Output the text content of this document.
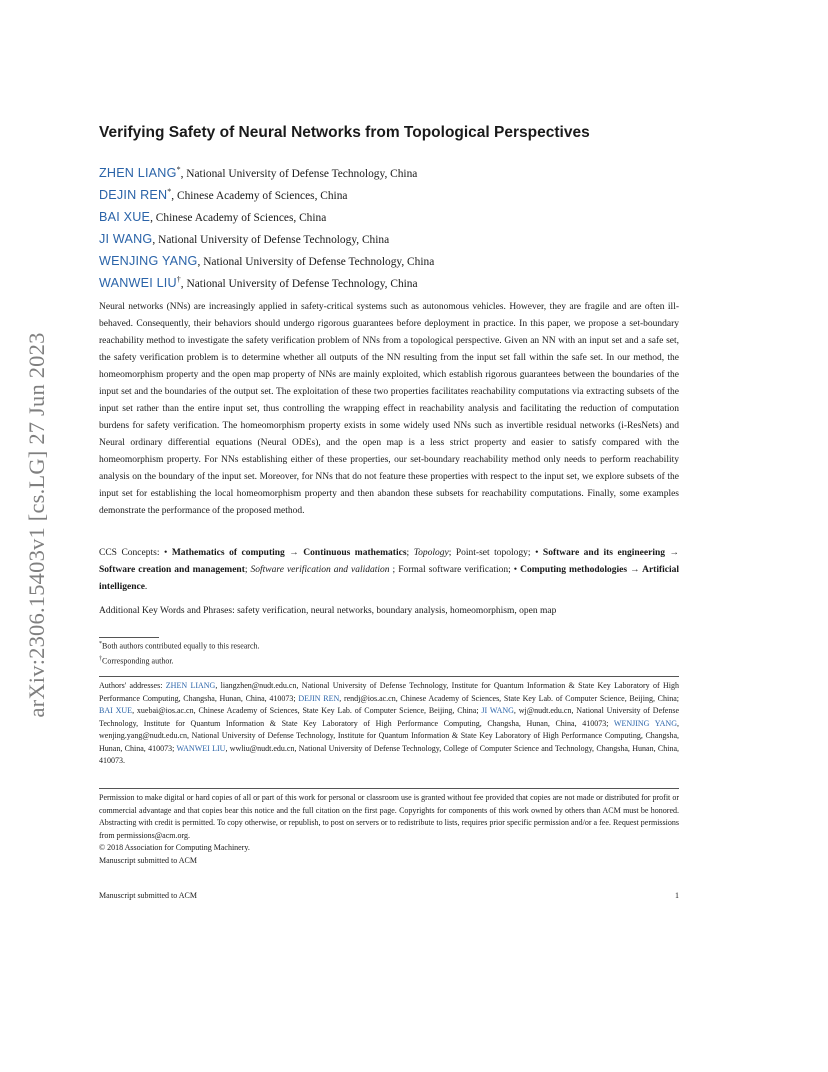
arXiv:2306.15403v1 [cs.LG] 27 Jun 2023
Verifying Safety of Neural Networks from Topological Perspectives
ZHEN LIANG*, National University of Defense Technology, China
DEJIN REN*, Chinese Academy of Sciences, China
BAI XUE, Chinese Academy of Sciences, China
JI WANG, National University of Defense Technology, China
WENJING YANG, National University of Defense Technology, China
WANWEI LIU†, National University of Defense Technology, China

Neural networks (NNs) are increasingly applied in safety-critical systems such as autonomous vehicles. However, they are fragile and are often ill-behaved. Consequently, their behaviors should undergo rigorous guarantees before deployment in practice. In this paper, we propose a set-boundary reachability method to investigate the safety verification problem of NNs from a topological perspective. Given an NN with an input set and a safe set, the safety verification problem is to determine whether all outputs of the NN resulting from the input set fall within the safe set. In our method, the homeomorphism property and the open map property of NNs are mainly exploited, which establish rigorous guarantees between the boundaries of the input set and the boundaries of the output set. The exploitation of these two properties facilitates reachability computations via extracting subsets of the input set rather than the entire input set, thus controlling the wrapping effect in reachability analysis and facilitating the reduction of computation burdens for safety verification. The homeomorphism property exists in some widely used NNs such as invertible residual networks (i-ResNets) and Neural ordinary differential equations (Neural ODEs), and the open map is a less strict property and easier to satisfy compared with the homeomorphism property. For NNs establishing either of these properties, our set-boundary reachability method only needs to perform reachability analysis on the boundary of the input set. Moreover, for NNs that do not feature these properties with respect to the input set, we explore subsets of the input set for establishing the local homeomorphism property and then abandon these subsets for reachability computations. Finally, some examples demonstrate the performance of the proposed method.

CCS Concepts: • Mathematics of computing → Continuous mathematics; Topology; Point-set topology; • Software and its engineering → Software creation and management; Software verification and validation ; Formal software verification; • Computing methodologies → Artificial intelligence.

Additional Key Words and Phrases: safety verification, neural networks, boundary analysis, homeomorphism, open map

*Both authors contributed equally to this research.
†Corresponding author.

Authors' addresses: ZHEN LIANG, liangzhen@nudt.edu.cn, National University of Defense Technology, Institute for Quantum Information & State Key Laboratory of High Performance Computing, Changsha, Hunan, China, 410073; DEJIN REN, rendj@ios.ac.cn, Chinese Academy of Sciences, State Key Lab. of Computer Science, Beijing, China; BAI XUE, xuebai@ios.ac.cn, Chinese Academy of Sciences, State Key Lab. of Computer Science, Beijing, China; JI WANG, wj@nudt.edu.cn, National University of Defense Technology, Institute for Quantum Information & State Key Laboratory of High Performance Computing, Changsha, Hunan, China, 410073; WENJING YANG, wenjing.yang@nudt.edu.cn, National University of Defense Technology, Institute for Quantum Information & State Key Laboratory of High Performance Computing, Changsha, Hunan, China, 410073; WANWEI LIU, wwliu@nudt.edu.cn, National University of Defense Technology, College of Computer Science and Technology, Changsha, Hunan, China, 410073.

Permission to make digital or hard copies of all or part of this work for personal or classroom use is granted without fee provided that copies are not made or distributed for profit or commercial advantage and that copies bear this notice and the full citation on the first page. Copyrights for components of this work owned by others than ACM must be honored. Abstracting with credit is permitted. To copy otherwise, or republish, to post on servers or to redistribute to lists, requires prior specific permission and/or a fee. Request permissions from permissions@acm.org.

© 2018 Association for Computing Machinery.

Manuscript submitted to ACM

Manuscript submitted to ACM	1
